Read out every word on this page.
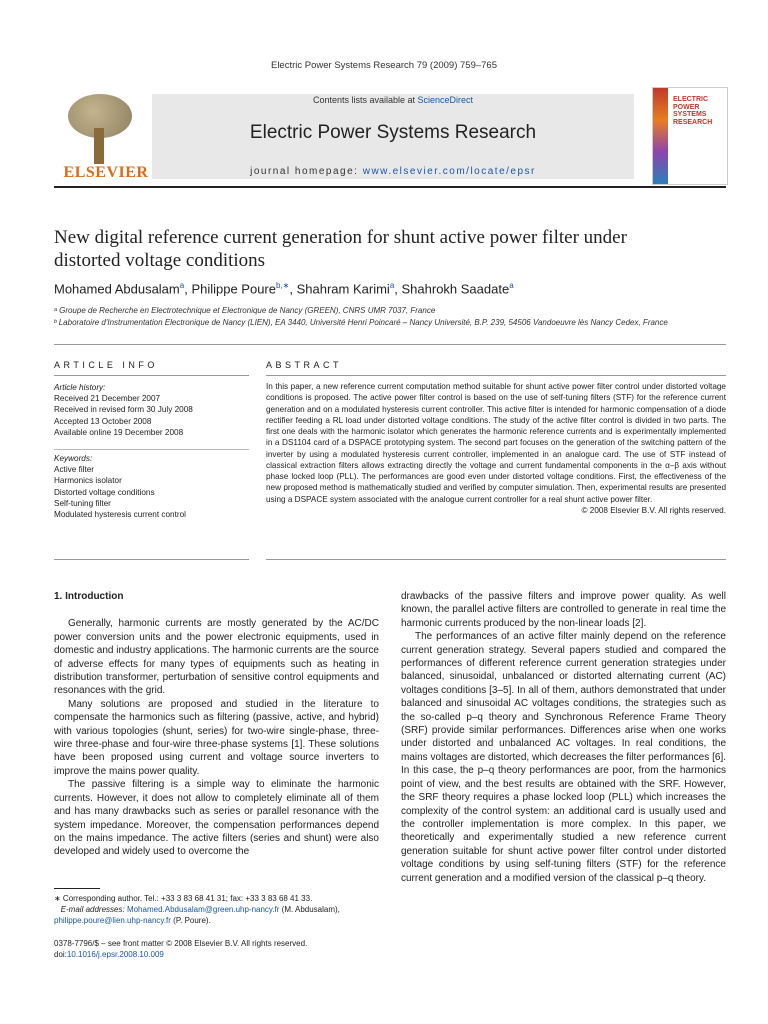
Electric Power Systems Research 79 (2009) 759–765
ELSEVIER
Contents lists available at ScienceDirect
Electric Power Systems Research
journal homepage: www.elsevier.com/locate/epsr
ELECTRIC POWER SYSTEMS RESEARCH
New digital reference current generation for shunt active power filter under distorted voltage conditions
Mohamed Abdusalam$^a$, Philippe Poure$^{b,∗}$, Shahram Karimi$^a$, Shahrokh Saadate$^a$
ᵃ Groupe de Recherche en Electrotechnique et Electronique de Nancy (GREEN), CNRS UMR 7037, France
ᵇ Laboratoire d'Instrumentation Electronique de Nancy (LIEN), EA 3440, Université Henri Poincaré – Nancy Université, B.P. 239, 54506 Vandoeuvre lès Nancy Cedex, France
ARTICLE INFO	ABSTRACT
Article history:
Received 21 December 2007
Received in revised form 30 July 2008
Accepted 13 October 2008
Available online 19 December 2008
Keywords:
Active filter
Harmonics isolator
Distorted voltage conditions
Self-tuning filter
Modulated hysteresis current control
In this paper, a new reference current computation method suitable for shunt active power filter control under distorted voltage conditions is proposed. The active power filter control is based on the use of self-tuning filters (STF) for the reference current generation and on a modulated hysteresis current controller. This active filter is intended for harmonic compensation of a diode rectifier feeding a RL load under distorted voltage conditions. The study of the active filter control is divided in two parts. The first one deals with the harmonic isolator which generates the harmonic reference currents and is experimentally implemented in a DS1104 card of a DSPACE prototyping system. The second part focuses on the generation of the switching pattern of the inverter by using a modulated hysteresis current controller, implemented in an analogue card. The use of STF instead of classical extraction filters allows extracting directly the voltage and current fundamental components in the α–β axis without phase locked loop (PLL). The performances are good even under distorted voltage conditions. First, the effectiveness of the new proposed method is mathematically studied and verified by computer simulation. Then, experimental results are presented using a DSPACE system associated with the analogue current controller for a real shunt active power filter.
© 2008 Elsevier B.V. All rights reserved.
1. Introduction

Generally, harmonic currents are mostly generated by the AC/DC power conversion units and the power electronic equipments, used in domestic and industry applications. The harmonic currents are the source of adverse effects for many types of equipments such as heating in distribution transformer, perturbation of sensitive control equipments and resonances with the grid.

Many solutions are proposed and studied in the literature to compensate the harmonics such as filtering (passive, active, and hybrid) with various topologies (shunt, series) for two-wire single-phase, three-wire three-phase and four-wire three-phase systems [1]. These solutions have been proposed using current and voltage source inverters to improve the mains power quality.

The passive filtering is a simple way to eliminate the harmonic currents. However, it does not allow to completely eliminate all of them and has many drawbacks such as series or parallel resonance with the system impedance. Moreover, the compensation performances depend on the mains impedance. The active filters (series and shunt) were also developed and widely used to overcome the

drawbacks of the passive filters and improve power quality. As well known, the parallel active filters are controlled to generate in real time the harmonic currents produced by the non-linear loads [2].

The performances of an active filter mainly depend on the reference current generation strategy. Several papers studied and compared the performances of different reference current generation strategies under balanced, sinusoidal, unbalanced or distorted alternating current (AC) voltages conditions [3–5]. In all of them, authors demonstrated that under balanced and sinusoidal AC voltages conditions, the strategies such as the so-called p–q theory and Synchronous Reference Frame Theory (SRF) provide similar performances. Differences arise when one works under distorted and unbalanced AC voltages. In real conditions, the mains voltages are distorted, which decreases the filter performances [6]. In this case, the p–q theory performances are poor, from the harmonics point of view, and the best results are obtained with the SRF. However, the SRF theory requires a phase locked loop (PLL) which increases the complexity of the control system: an additional card is usually used and the controller implementation is more complex. In this paper, we theoretically and experimentally studied a new reference current generation suitable for shunt active power filter control under distorted voltage conditions by using self-tuning filters (STF) for the reference current generation and a modified version of the classical p–q theory.

∗ Corresponding author. Tel.: +33 3 83 68 41 31; fax: +33 3 83 68 41 33.
E-mail addresses: Mohamed.Abdusalam@green.uhp-nancy.fr (M. Abdusalam),
philippe.poure@lien.uhp-nancy.fr (P. Poure).
0378-7796/$ – see front matter © 2008 Elsevier B.V. All rights reserved.
doi:10.1016/j.epsr.2008.10.009
